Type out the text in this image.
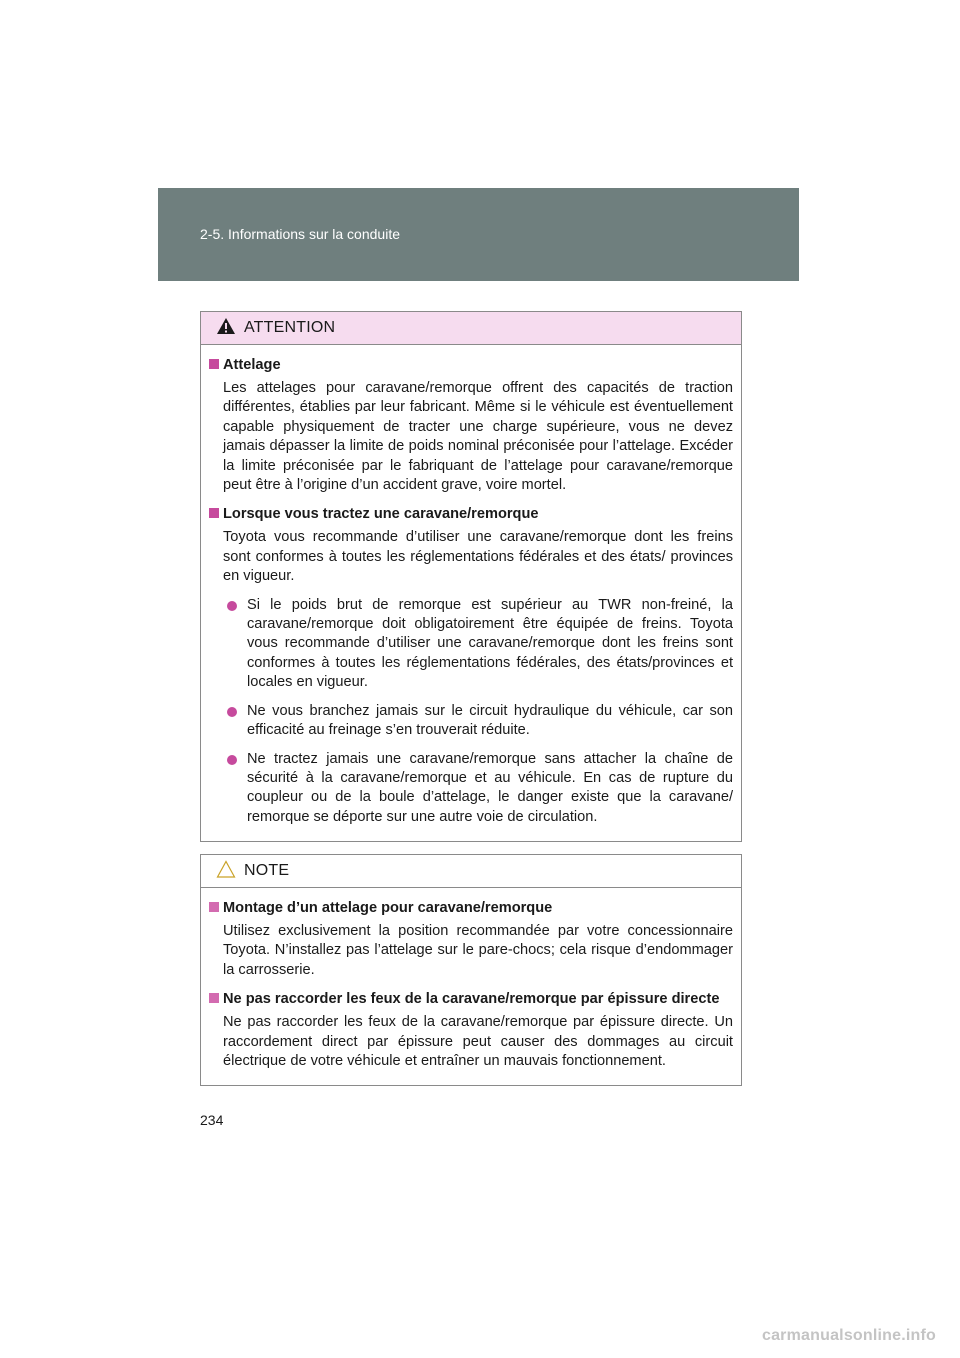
2-5. Informations sur la conduite
ATTENTION

Attelage

Les attelages pour caravane/remorque offrent des capacités de traction différentes, établies par leur fabricant. Même si le véhicule est éventuellement capable physiquement de tracter une charge supérieure, vous ne devez jamais dépasser la limite de poids nominal préconisée pour l’attelage. Excéder la limite préconisée par le fabriquant de l’attelage pour caravane/remorque peut être à l’origine d’un accident grave, voire mortel.

Lorsque vous tractez une caravane/remorque

Toyota vous recommande d’utiliser une caravane/remorque dont les freins sont conformes à toutes les réglementations fédérales et des états/ provinces en vigueur.

Si le poids brut de remorque est supérieur au TWR non-freiné, la caravane/remorque doit obligatoirement être équipée de freins. Toyota vous recommande d’utiliser une caravane/remorque dont les freins sont conformes à toutes les réglementations fédérales, des états/provinces et locales en vigueur.
Ne vous branchez jamais sur le circuit hydraulique du véhicule, car son efficacité au freinage s’en trouverait réduite.
Ne tractez jamais une caravane/remorque sans attacher la chaîne de sécurité à la caravane/remorque et au véhicule. En cas de rupture du coupleur ou de la boule d’attelage, le danger existe que la caravane/ remorque se déporte sur une autre voie de circulation.
NOTE

Montage d’un attelage pour caravane/remorque

Utilisez exclusivement la position recommandée par votre concessionnaire Toyota. N’installez pas l’attelage sur le pare-chocs; cela risque d’endommager la carrosserie.

Ne pas raccorder les feux de la caravane/remorque par épissure directe

Ne pas raccorder les feux de la caravane/remorque par épissure directe. Un raccordement direct par épissure peut causer des dommages au circuit électrique de votre véhicule et entraîner un mauvais fonctionnement.

234
carmanualsonline.info
